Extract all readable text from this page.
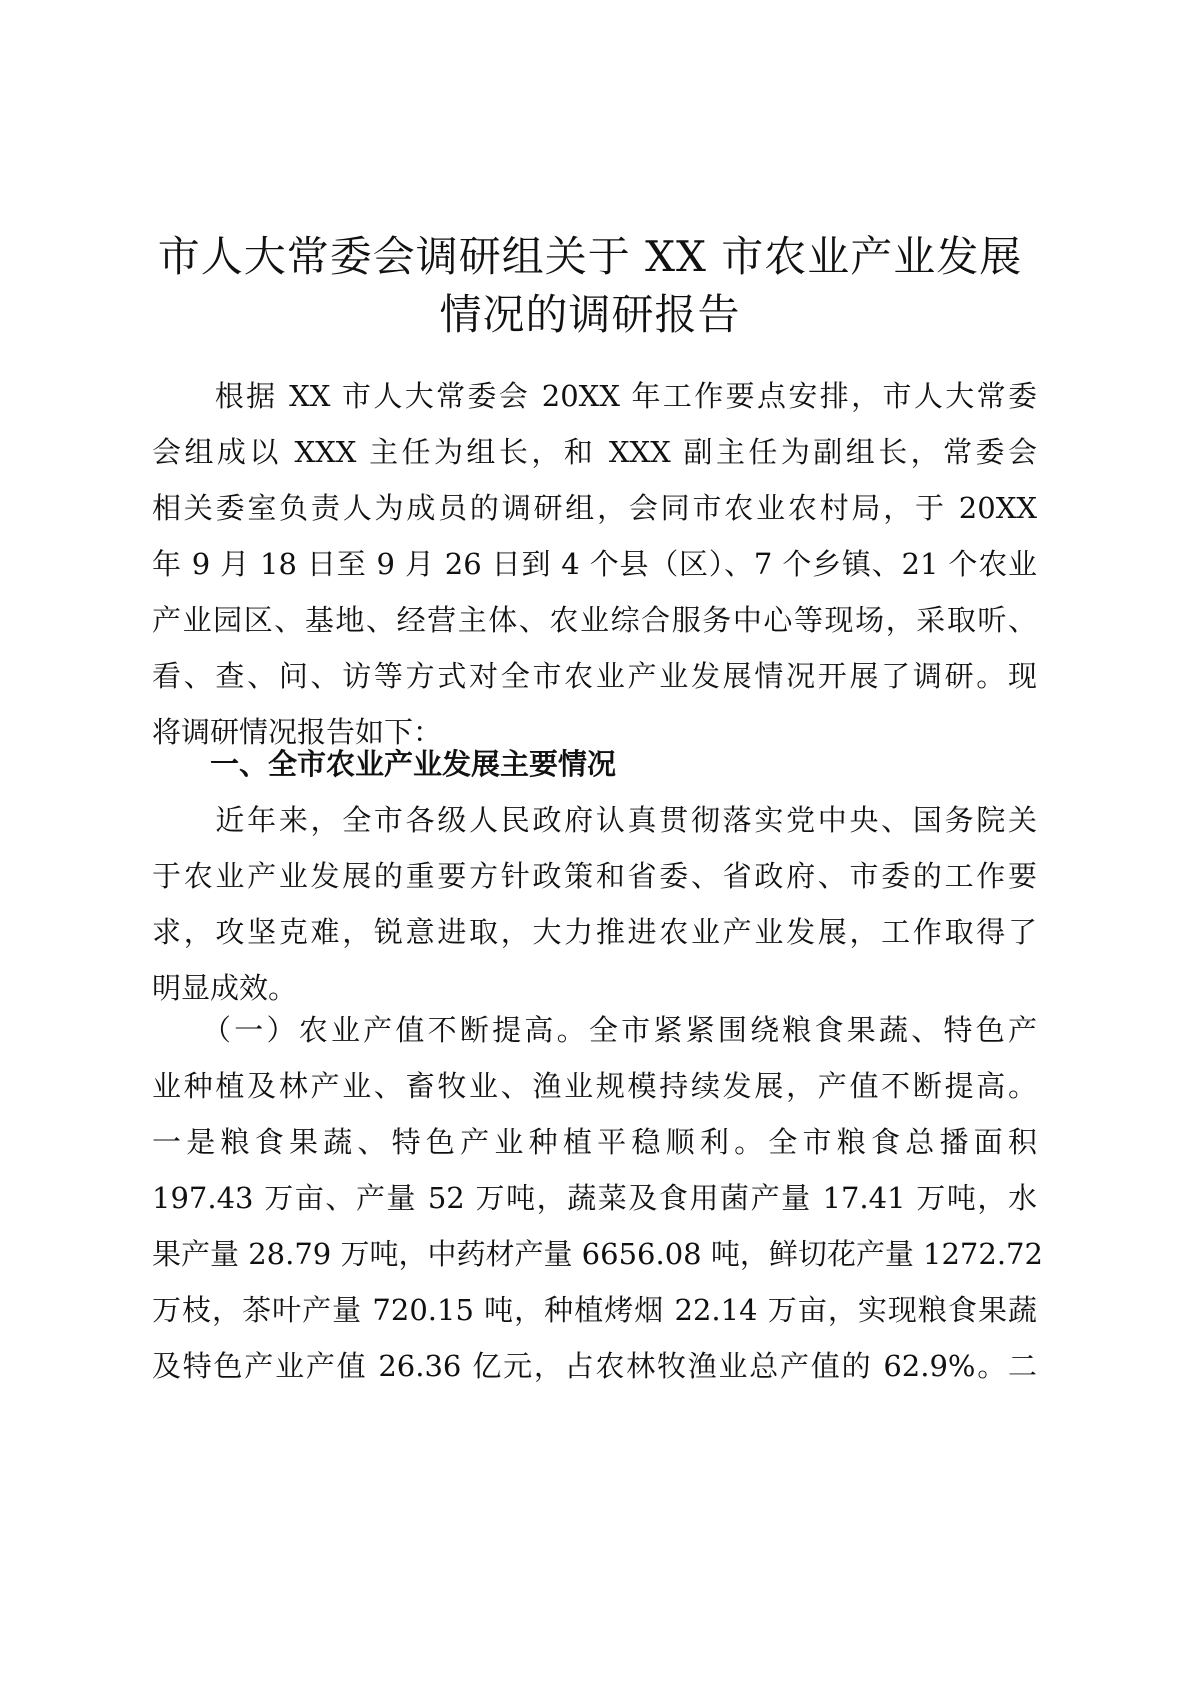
市人大常委会调研组关于 XX 市农业产业发展
情况的调研报告
　　根据 XX 市人大常委会 20XX 年工作要点安排，市人大常委
会组成以 XXX 主任为组长，和 XXX 副主任为副组长，常委会
相关委室负责人为成员的调研组，会同市农业农村局，于 20XX
年 9 月 18 日至 9 月 26 日到 4 个县（区）、7 个乡镇、21 个农业
产业园区、基地、经营主体、农业综合服务中心等现场，采取听、
看、查、问、访等方式对全市农业产业发展情况开展了调研。现
将调研情况报告如下：
　　一、全市农业产业发展主要情况
　　近年来，全市各级人民政府认真贯彻落实党中央、国务院关
于农业产业发展的重要方针政策和省委、省政府、市委的工作要
求，攻坚克难，锐意进取，大力推进农业产业发展，工作取得了
明显成效。
　　（一）农业产值不断提高。全市紧紧围绕粮食果蔬、特色产
业种植及林产业、畜牧业、渔业规模持续发展，产值不断提高。
一是粮食果蔬、特色产业种植平稳顺利。全市粮食总播面积
197.43 万亩、产量 52 万吨，蔬菜及食用菌产量 17.41 万吨，水
果产量 28.79 万吨，中药材产量 6656.08 吨，鲜切花产量 1272.72
万枝，茶叶产量 720.15 吨，种植烤烟 22.14 万亩，实现粮食果蔬
及特色产业产值 26.36 亿元，占农林牧渔业总产值的 62.9%。二
